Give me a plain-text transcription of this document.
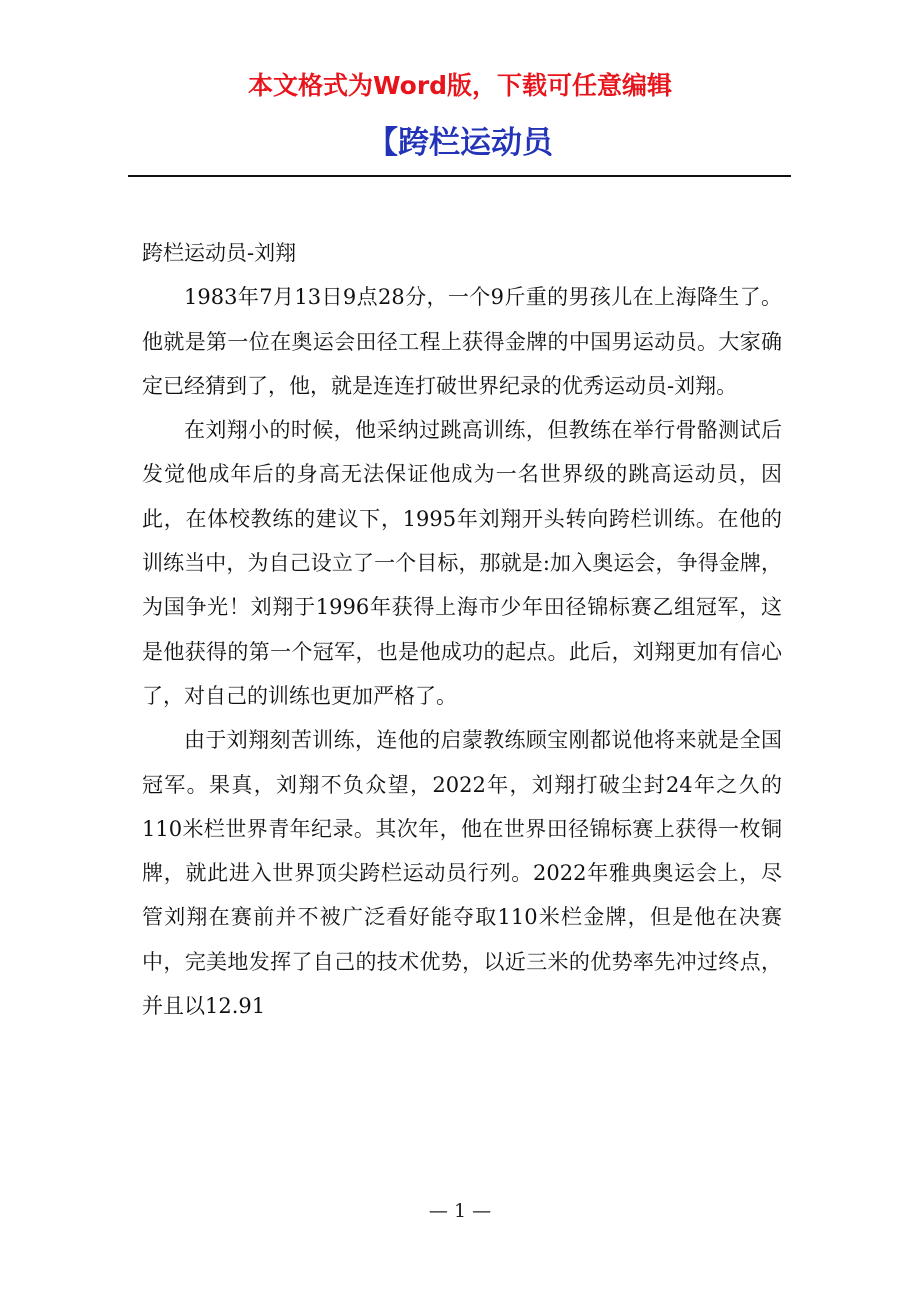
本文格式为Word版，下载可任意编辑
【跨栏运动员

跨栏运动员-刘翔

1983年7月13日9点28分，一个9斤重的男孩儿在上海降生了。他就是第一位在奥运会田径工程上获得金牌的中国男运动员。大家确定已经猜到了，他，就是连连打破世界纪录的优秀运动员-刘翔。

在刘翔小的时候，他采纳过跳高训练，但教练在举行骨骼测试后发觉他成年后的身高无法保证他成为一名世界级的跳高运动员，因此，在体校教练的建议下，1995年刘翔开头转向跨栏训练。在他的训练当中，为自己设立了一个目标，那就是:加入奥运会，争得金牌，为国争光！刘翔于1996年获得上海市少年田径锦标赛乙组冠军，这是他获得的第一个冠军，也是他成功的起点。此后，刘翔更加有信心了，对自己的训练也更加严格了。

由于刘翔刻苦训练，连他的启蒙教练顾宝刚都说他将来就是全国冠军。果真，刘翔不负众望，2022年，刘翔打破尘封24年之久的110米栏世界青年纪录。其次年，他在世界田径锦标赛上获得一枚铜牌，就此进入世界顶尖跨栏运动员行列。2022年雅典奥运会上，尽管刘翔在赛前并不被广泛看好能夺取110米栏金牌，但是他在决赛中，完美地发挥了自己的技术优势，以近三米的优势率先冲过终点，并且以12.91

— 1 —
